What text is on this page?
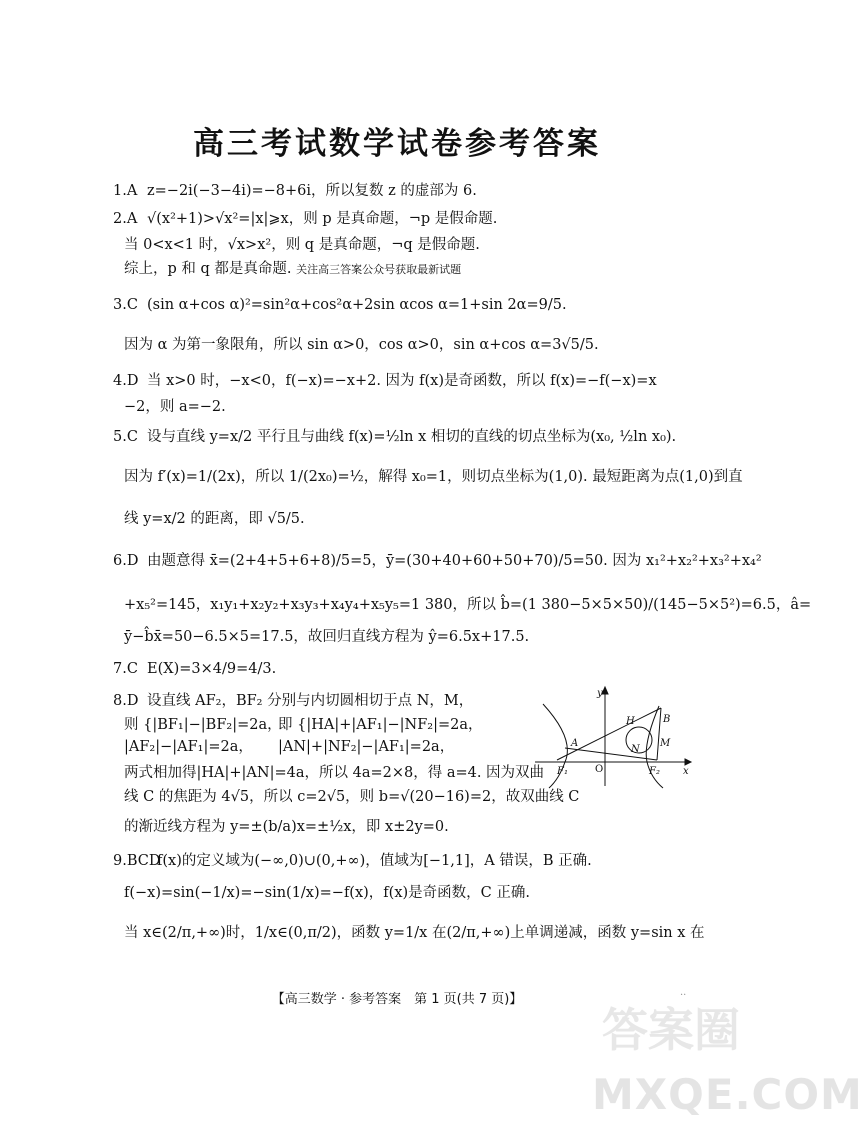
高三考试数学试卷参考答案
1.A z=−2i(−3−4i)=−8+6i，所以复数 z 的虚部为 6.
2.A √(x²+1)>√x²=|x|⩾x，则 p 是真命题，¬p 是假命题.
当 0<x<1 时，√x>x²，则 q 是真命题，¬q 是假命题.
综上，p 和 q 都是真命题. 关注高三答案公众号获取最新试题
3.C (sin α+cos α)²=sin²α+cos²α+2sin αcos α=1+sin 2α=9/5.
因为 α 为第一象限角，所以 sin α>0，cos α>0，sin α+cos α=3√5/5.
4.D 当 x>0 时，−x<0，f(−x)=−x+2. 因为 f(x)是奇函数，所以 f(x)=−f(−x)=x
−2，则 a=−2.
5.C 设与直线 y=x/2 平行且与曲线 f(x)=½ln x 相切的直线的切点坐标为(x₀, ½ln x₀).
因为 f′(x)=1/(2x)，所以 1/(2x₀)=½，解得 x₀=1，则切点坐标为(1,0). 最短距离为点(1,0)到直
线 y=x/2 的距离，即 √5/5.
6.D 由题意得 x̄=(2+4+5+6+8)/5=5，ȳ=(30+40+60+50+70)/5=50. 因为 x₁²+x₂²+x₃²+x₄²
+x₅²=145，x₁y₁+x₂y₂+x₃y₃+x₄y₄+x₅y₅=1 380，所以 b̂=(1 380−5×5×50)/(145−5×5²)=6.5，â=
ȳ−b̂x̄=50−6.5×5=17.5，故回归直线方程为 ŷ=6.5x+17.5.
7.C E(X)=3×4/9=4/3.
8.D 设直线 AF₂，BF₂ 分别与内切圆相切于点 N，M，
则 {|BF₁|−|BF₂|=2a，
即 {|HA|+|AF₁|−|NF₂|=2a，
|AF₂|−|AF₁|=2a， |AN|+|NF₂|−|AF₁|=2a，
两式相加得|HA|+|AN|=4a，所以 4a=2×8，得 a=4. 因为双曲
线 C 的焦距为 4√5，所以 c=2√5，则 b=√(20−16)=2，故双曲线 C
的渐近线方程为 y=±(b/a)x=±½x，即 x±2y=0.
y
x
H	B
A
N
M
O
F₁	F₂
9.BCDf(x)的定义域为(−∞,0)∪(0,+∞)，值域为[−1,1]，A 错误，B 正确.
f(−x)=sin(−1/x)=−sin(1/x)=−f(x)，f(x)是奇函数，C 正确.
当 x∈(2/π,+∞)时，1/x∈(0,π/2)，函数 y=1/x 在(2/π,+∞)上单调递减，函数 y=sin x 在
【高三数学 · 参考答案　第 1 页(共 7 页)】	··
答案圈
MXQE.COM
